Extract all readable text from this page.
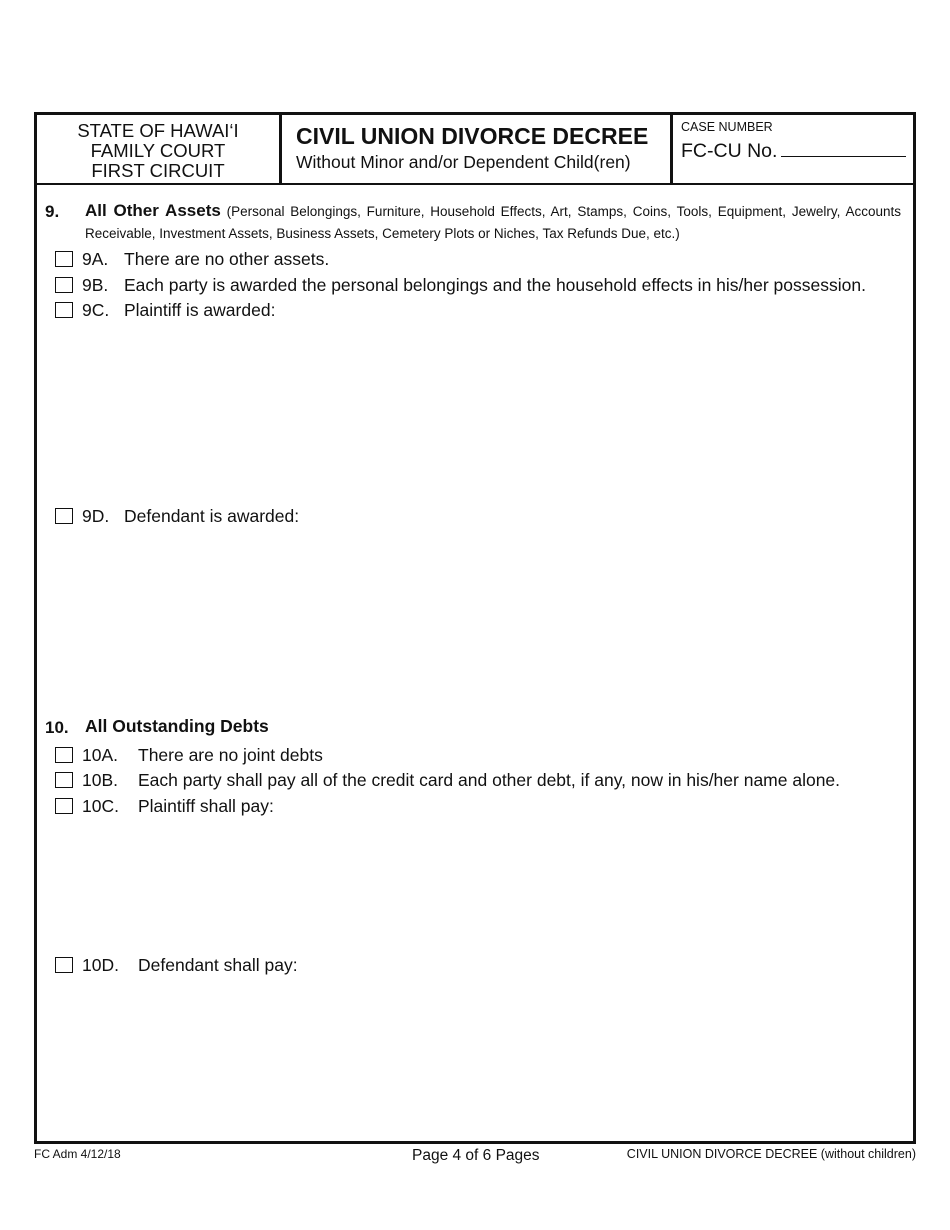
STATE OF HAWAI‘I
FAMILY COURT
FIRST CIRCUIT
CIVIL UNION DIVORCE DECREE
Without Minor and/or Dependent Child(ren)
CASE NUMBER
FC-CU No.
9. All Other Assets (Personal Belongings, Furniture, Household Effects, Art, Stamps, Coins, Tools, Equipment, Jewelry, Accounts Receivable, Investment Assets, Business Assets, Cemetery Plots or Niches, Tax Refunds Due, etc.)
9A. There are no other assets.
9B. Each party is awarded the personal belongings and the household effects in his/her possession.
9C. Plaintiff is awarded:
9D. Defendant is awarded:
10. All Outstanding Debts
10A. There are no joint debts
10B. Each party shall pay all of the credit card and other debt, if any, now in his/her name alone.
10C. Plaintiff shall pay:
10D. Defendant shall pay:
FC Adm 4/12/18	Page 4 of 6 Pages	CIVIL UNION DIVORCE DECREE (without children)
